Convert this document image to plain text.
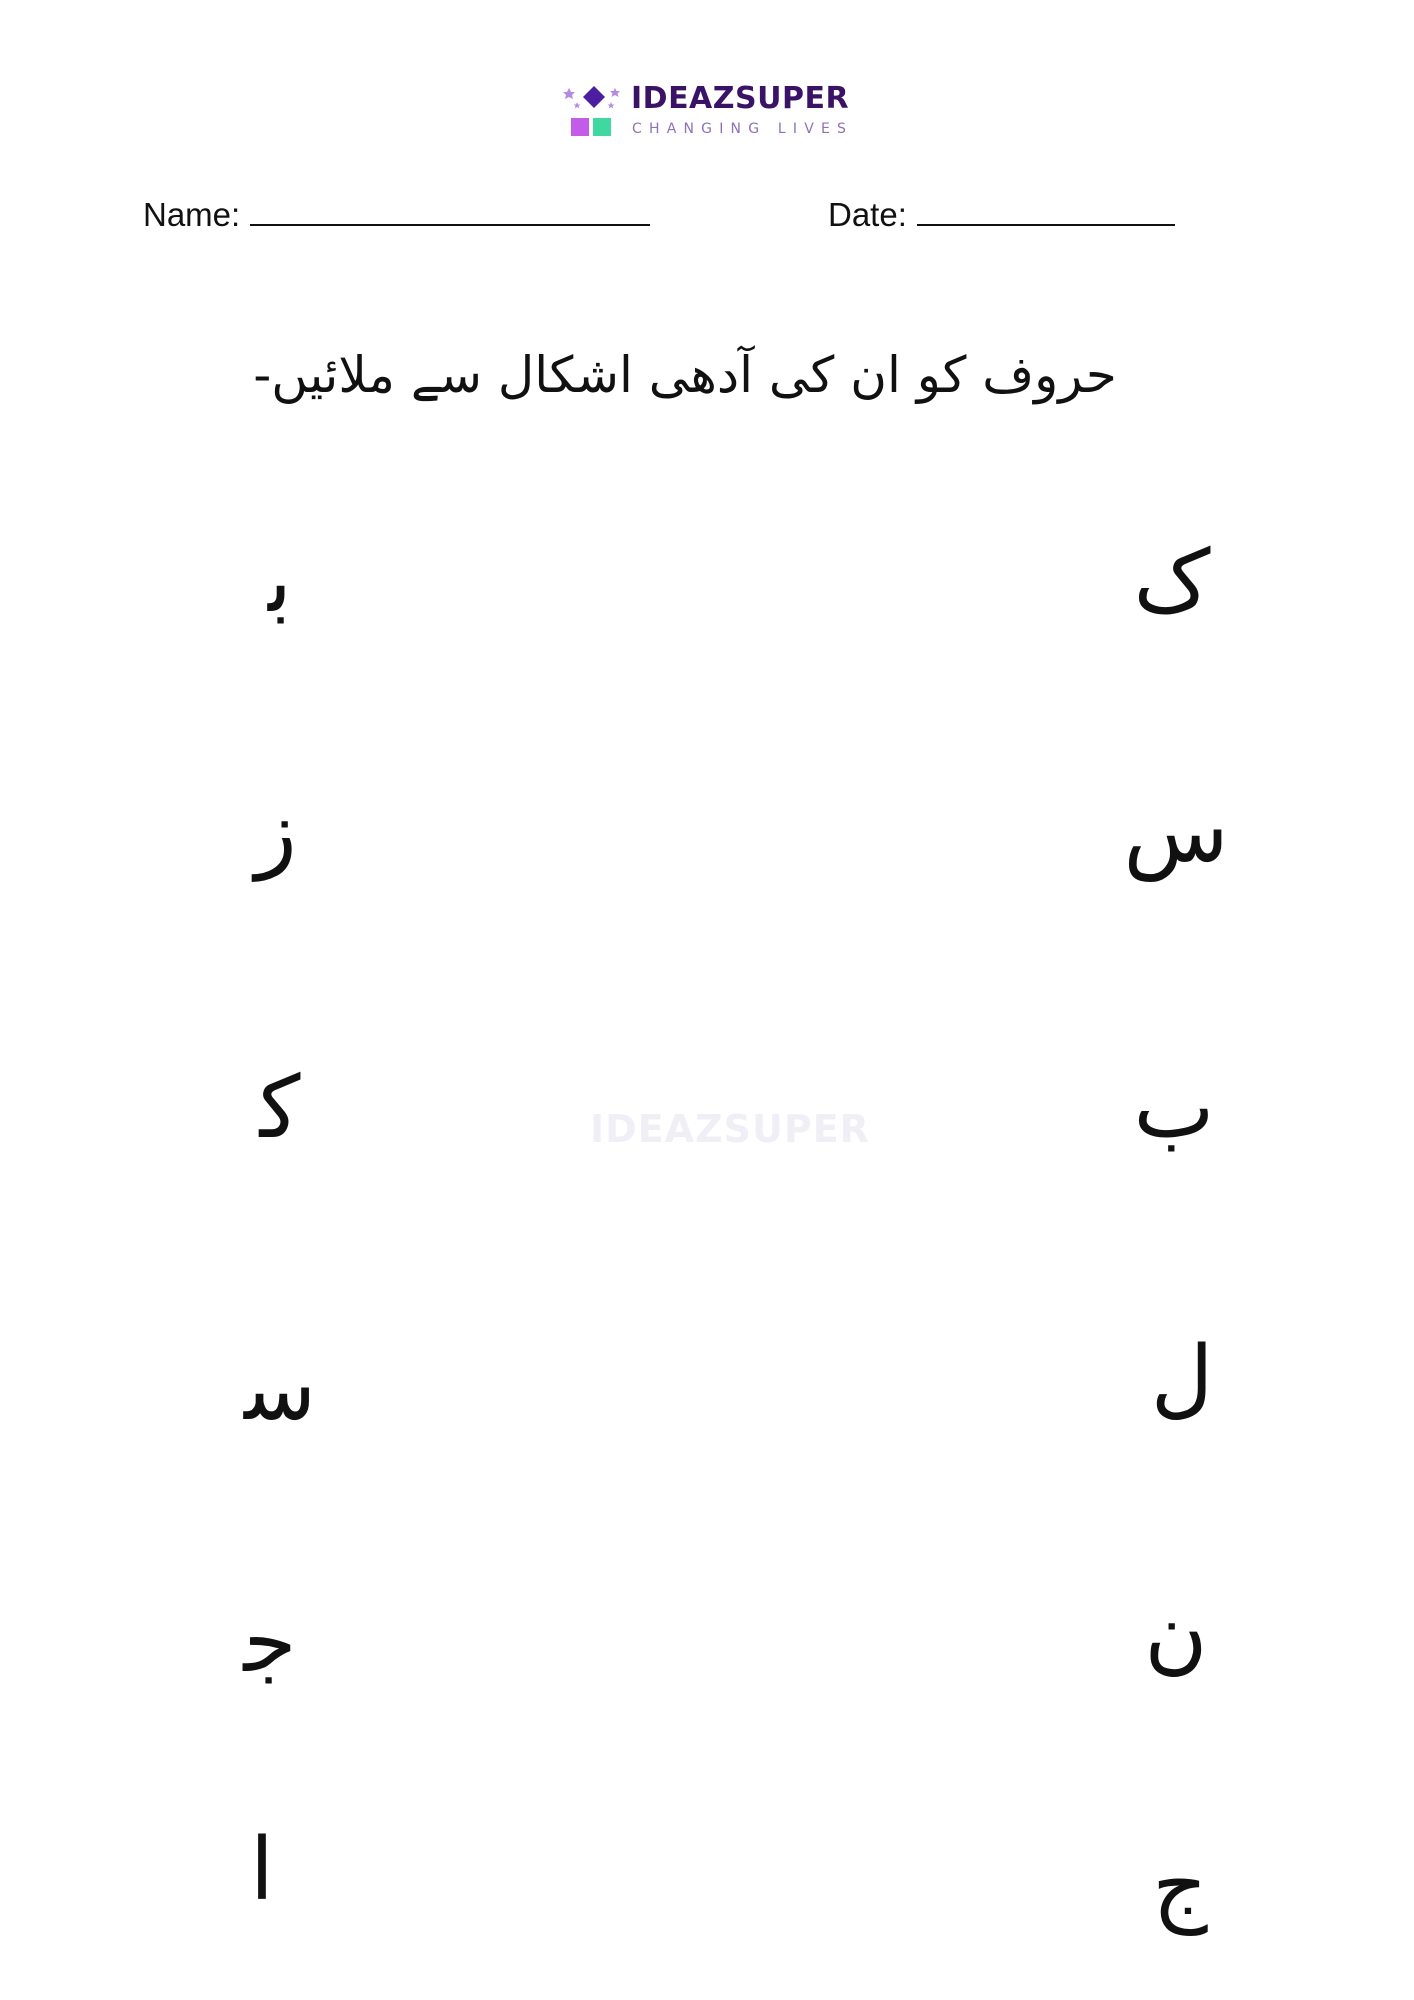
IDEAZSUPER
CHANGING LIVES
Name:	Date:
حروف کو ان کی آدھی اشکال سے ملائیں-
IDEAZSUPER
ﺑ
ز
ﮐ
ﺳ
ﺟ
ا
ک
س
ب
ل
ن
ج
